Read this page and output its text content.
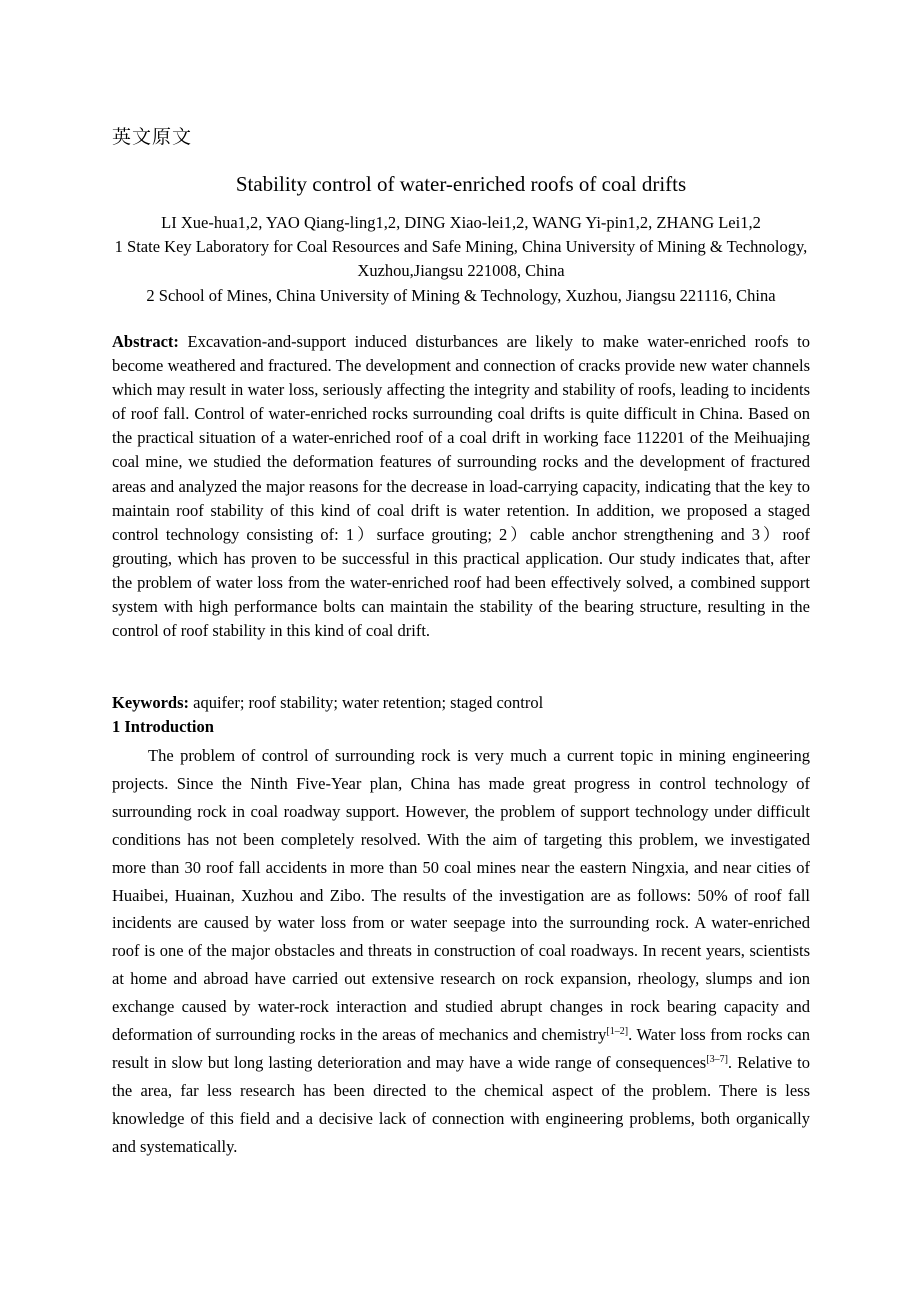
英文原文
Stability control of water-enriched roofs of coal drifts
LI Xue-hua1,2, YAO Qiang-ling1,2, DING Xiao-lei1,2, WANG Yi-pin1,2, ZHANG Lei1,2
1 State Key Laboratory for Coal Resources and Safe Mining, China University of Mining & Technology, Xuzhou,Jiangsu 221008, China
2 School of Mines, China University of Mining & Technology, Xuzhou, Jiangsu 221116, China
Abstract: Excavation-and-support induced disturbances are likely to make water-enriched roofs to become weathered and fractured. The development and connection of cracks provide new water channels which may result in water loss, seriously affecting the integrity and stability of roofs, leading to incidents of roof fall. Control of water-enriched rocks surrounding coal drifts is quite difficult in China. Based on the practical situation of a water-enriched roof of a coal drift in working face 112201 of the Meihuajing coal mine, we studied the deformation features of surrounding rocks and the development of fractured areas and analyzed the major reasons for the decrease in load-carrying capacity, indicating that the key to maintain roof stability of this kind of coal drift is water retention. In addition, we proposed a staged control technology consisting of: 1）surface grouting; 2）cable anchor strengthening and 3）roof grouting, which has proven to be successful in this practical application. Our study indicates that, after the problem of water loss from the water-enriched roof had been effectively solved, a combined support system with high performance bolts can maintain the stability of the bearing structure, resulting in the control of roof stability in this kind of coal drift.
Keywords: aquifer; roof stability; water retention; staged control
1 Introduction
The problem of control of surrounding rock is very much a current topic in mining engineering projects. Since the Ninth Five-Year plan, China has made great progress in control technology of surrounding rock in coal roadway support. However, the problem of support technology under difficult conditions has not been completely resolved. With the aim of targeting this problem, we investigated more than 30 roof fall accidents in more than 50 coal mines near the eastern Ningxia, and near cities of Huaibei, Huainan, Xuzhou and Zibo. The results of the investigation are as follows: 50% of roof fall incidents are caused by water loss from or water seepage into the surrounding rock. A water-enriched roof is one of the major obstacles and threats in construction of coal roadways. In recent years, scientists at home and abroad have carried out extensive research on rock expansion, rheology, slumps and ion exchange caused by water-rock interaction and studied abrupt changes in rock bearing capacity and deformation of surrounding rocks in the areas of mechanics and chemistry[1–2]. Water loss from rocks can result in slow but long lasting deterioration and may have a wide range of consequences[3–7]. Relative to the area, far less research has been directed to the chemical aspect of the problem. There is less knowledge of this field and a decisive lack of connection with engineering problems, both organically and systematically.
